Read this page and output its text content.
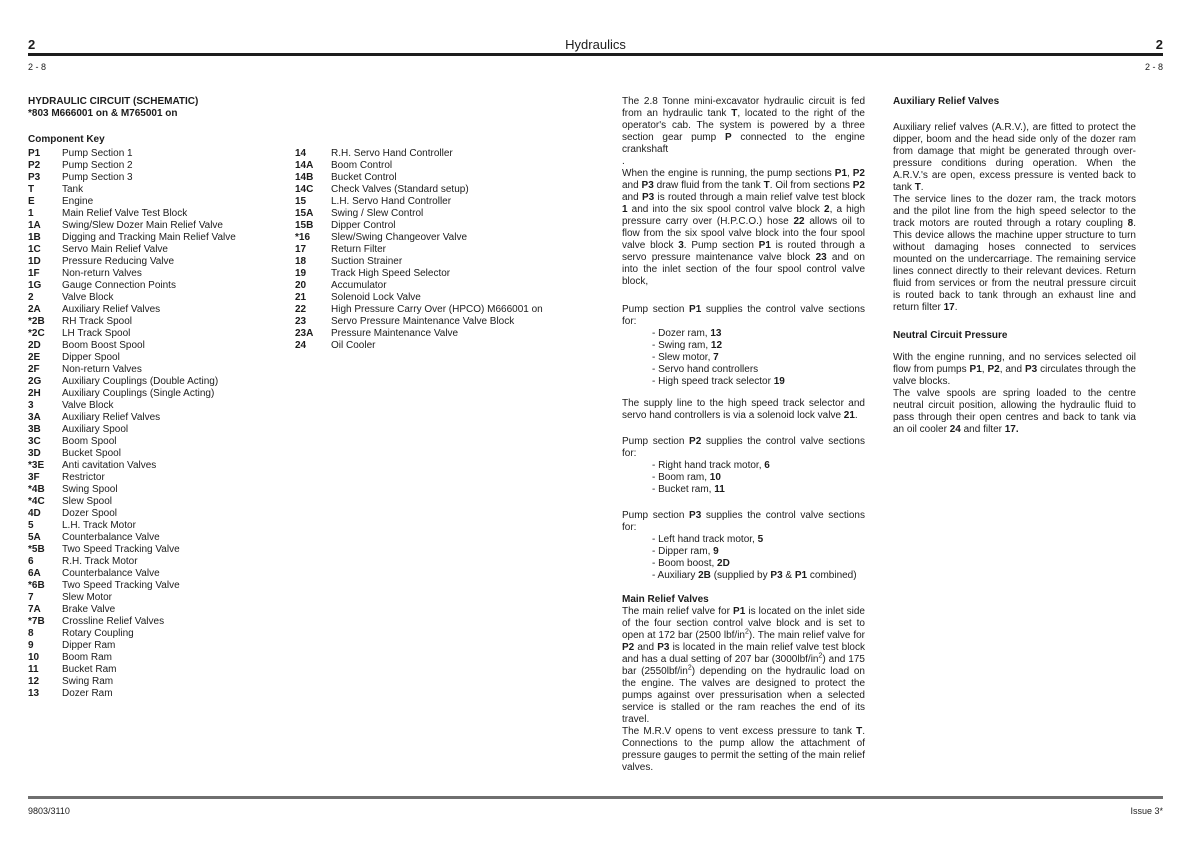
2	Hydraulics	2
2 - 8	2 - 8
HYDRAULIC CIRCUIT (SCHEMATIC)
*803 M666001 on & M765001 on
Component Key
P1	Pump Section 1
P2	Pump Section 2
P3	Pump Section 3
T	Tank
E	Engine
1	Main Relief Valve Test Block
1A	Swing/Slew Dozer Main Relief Valve
1B	Digging and Tracking Main Relief Valve
1C	Servo Main Relief Valve
1D	Pressure Reducing Valve
1F	Non-return Valves
1G	Gauge Connection Points
2	Valve Block
2A	Auxiliary Relief Valves
*2B	RH Track Spool
*2C	LH Track Spool
2D	Boom Boost Spool
2E	Dipper Spool
2F	Non-return Valves
2G	Auxiliary Couplings (Double Acting)
2H	Auxiliary Couplings (Single Acting)
3	Valve Block
3A	Auxiliary Relief Valves
3B	Auxiliary Spool
3C	Boom Spool
3D	Bucket Spool
*3E	Anti cavitation Valves
3F	Restrictor
*4B	Swing Spool
*4C	Slew Spool
4D	Dozer Spool
5	L.H. Track Motor
5A	Counterbalance Valve
*5B	Two Speed Tracking Valve
6	R.H. Track Motor
6A	Counterbalance Valve
*6B	Two Speed Tracking Valve
7	Slew Motor
7A	Brake Valve
*7B	Crossline Relief Valves
8	Rotary Coupling
9	Dipper Ram
10	Boom Ram
11	Bucket Ram
12	Swing Ram
13	Dozer Ram
14	R.H. Servo Hand Controller
14A	Boom Control
14B	Bucket Control
14C	Check Valves (Standard setup)
15	L.H. Servo Hand Controller
15A	Swing / Slew Control
15B	Dipper Control
*16	Slew/Swing Changeover Valve
17	Return Filter
18	Suction Strainer
19	Track High Speed Selector
20	Accumulator
21	Solenoid Lock Valve
22	High Pressure Carry Over (HPCO) M666001 on
23	Servo Pressure Maintenance Valve Block
23A	Pressure Maintenance Valve
24	Oil Cooler

The 2.8 Tonne mini-excavator hydraulic circuit is fed from an hydraulic tank T, located to the right of the operator's cab. The system is powered by a three section gear pump P connected to the engine crankshaft

.

When the engine is running, the pump sections P1, P2 and P3 draw fluid from the tank T. Oil from sections P2 and P3 is routed through a main relief valve test block 1 and into the six spool control valve block 2, a high pressure carry over (H.P.C.O.) hose 22 allows oil to flow from the six spool valve block into the four spool valve block 3. Pump section P1 is routed through a servo pressure maintenance valve block 23 and on into the inlet section of the four spool control valve block,

Pump section P1 supplies the control valve sections for:

- Dozer ram, 13
- Swing ram, 12
- Slew motor, 7
- Servo hand controllers
- High speed track selector 19

The supply line to the high speed track selector and servo hand controllers is via a solenoid lock valve 21.

Pump section P2 supplies the control valve sections for:

- Right hand track motor, 6
- Boom ram, 10
- Bucket ram, 11

Pump section P3 supplies the control valve sections for:

- Left hand track motor, 5
- Dipper ram, 9
- Boom boost, 2D
- Auxiliary 2B (supplied by P3 & P1 combined)

Main Relief Valves

The main relief valve for P1 is located on the inlet side of the four section control valve block and is set to open at 172 bar (2500 lbf/$in^2$). The main relief valve for P2 and P3 is located in the main relief valve test block and has a dual setting of 207 bar $(3000lbf/in^2)$ and 175 bar $(2550lbf/in^2)$ depending on the hydraulic load on the engine. The valves are designed to protect the pumps against over pressurisation when a selected service is stalled or the ram reaches the end of its travel.

The M.R.V opens to vent excess pressure to tank T. Connections to the pump allow the attachment of pressure gauges to permit the setting of the main relief valves.

Auxiliary Relief Valves

Auxiliary relief valves (A.R.V.), are fitted to protect the dipper, boom and the head side only of the dozer ram from damage that might be generated through over-pressure conditions during operation. When the A.R.V.'s are open, excess pressure is vented back to tank T.

The service lines to the dozer ram, the track motors and the pilot line from the high speed selector to the track motors are routed through a rotary coupling 8. This device allows the machine upper structure to turn without damaging hoses connected to services mounted on the undercarriage. The remaining service lines connect directly to their relevant devices. Return fluid from services or from the neutral pressure circuit is routed back to tank through an exhaust line and return filter 17.

Neutral Circuit Pressure

With the engine running, and no services selected oil flow from pumps P1, P2, and P3 circulates through the valve blocks.

The valve spools are spring loaded to the centre neutral circuit position, allowing the hydraulic fluid to pass through their open centres and back to tank via an oil cooler 24 and filter 17.

9803/3110	Issue 3*
